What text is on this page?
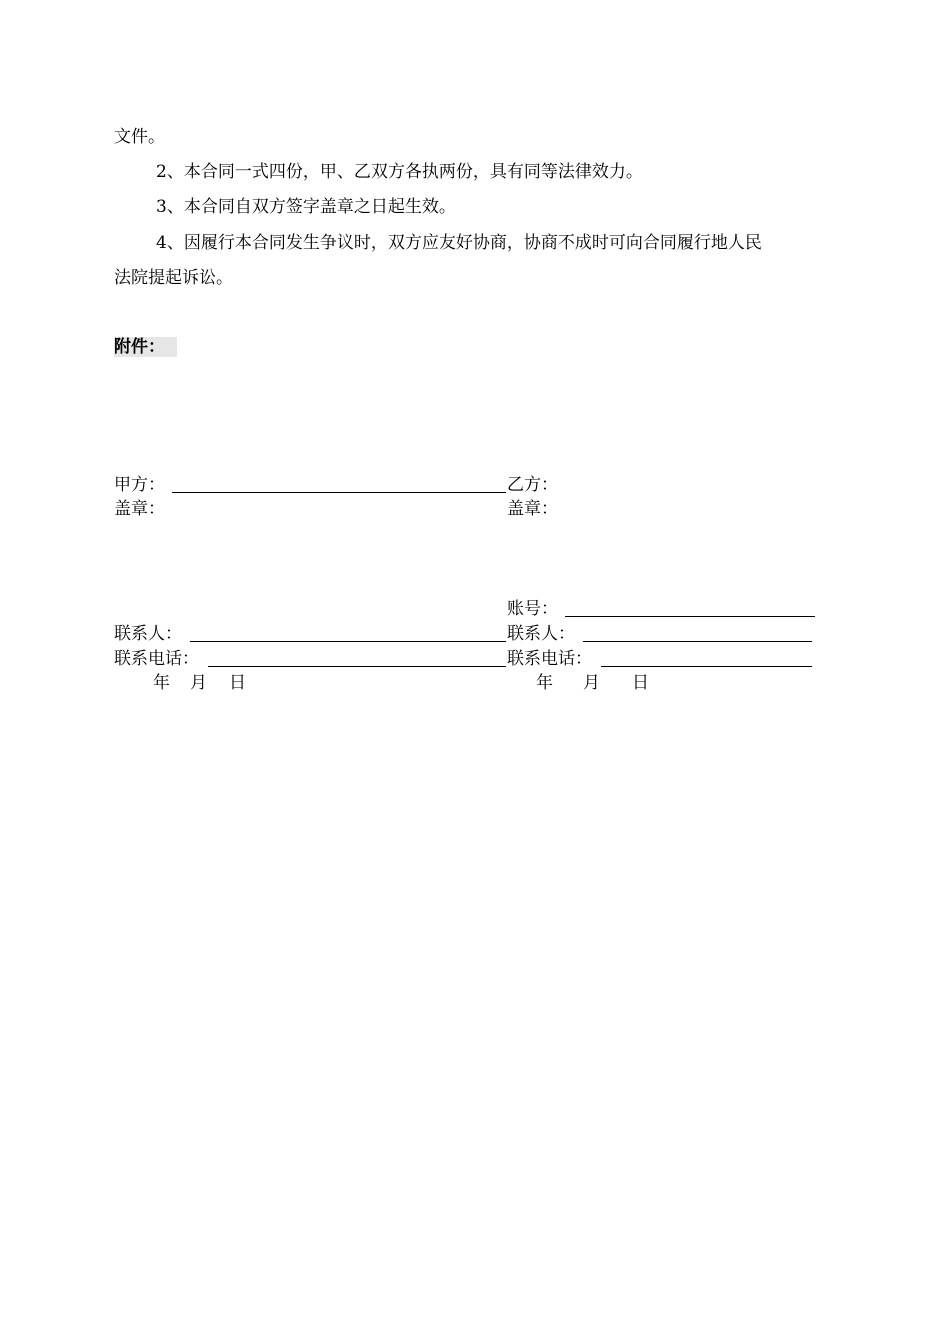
文件。
2、本合同一式四份，甲、乙双方各执两份，具有同等法律效力。
3、本合同自双方签字盖章之日起生效。
4、因履行本合同发生争议时，双方应友好协商，协商不成时可向合同履行地人民
法院提起诉讼。
附件：
甲方：
盖章：
联系人：
联系电话：
年 月 日
乙方：
盖章：
账号：
联系人：
联系电话：
年 月 日
